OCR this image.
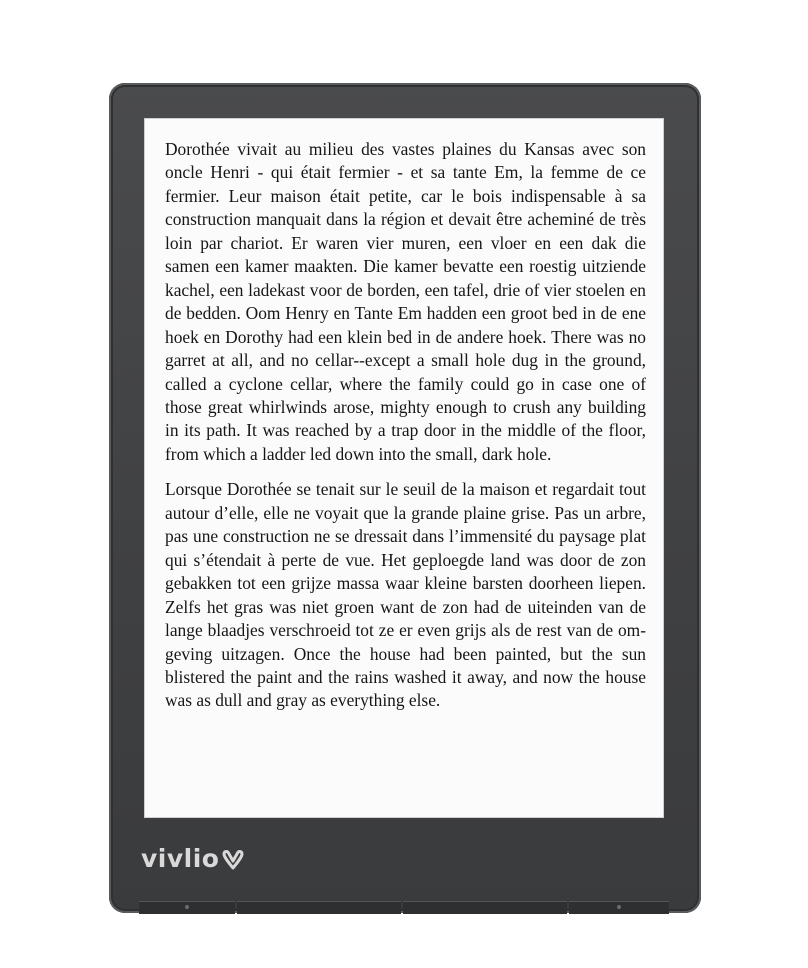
Dorothée vivait au milieu des vastes plaines du Kansas avec son oncle Henri - qui était fermier - et sa tante Em, la femme de ce fermier. Leur maison était petite, car le bois indispensable à sa construction manquait dans la région et devait être acheminé de très loin par chariot. Er waren vier muren, een vloer en een dak die samen een kamer maakten. Die kamer bevatte een roestig uitziende kachel, een ladekast voor de borden, een tafel, drie of vier stoelen en de bedden. Oom Henry en Tante Em hadden een groot bed in de ene hoek en Dorothy had een klein bed in de andere hoek. There was no garret at all, and no cellar--except a small hole dug in the ground, called a cyclone cellar, where the family could go in case one of those great whirlwinds arose, mighty enough to crush any building in its path. It was reached by a trap door in the middle of the floor, from which a ladder led down into the small, dark hole.

Lorsque Dorothée se tenait sur le seuil de la maison et regardait tout autour d’elle, elle ne voyait que la grande plaine grise. Pas un arbre, pas une construction ne se dressait dans l’immensité du paysage plat qui s’étendait à perte de vue. Het geploegde land was door de zon gebakken tot een grijze massa waar kleine barsten doorheen liepen. Zelfs het gras was niet groen want de zon had de uiteinden van de lange blaadjes verschroeid tot ze er even grijs als de rest van de omgeving uitzagen. Once the house had been painted, but the sun blistered the paint and the rains washed it away, and now the house was as dull and gray as everything else.

vivlio
